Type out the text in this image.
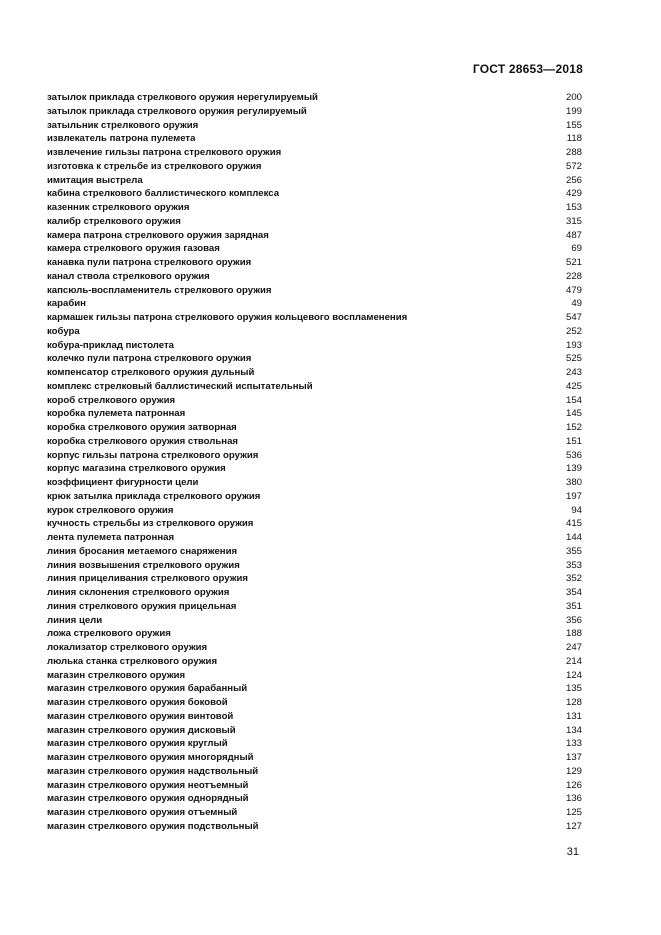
ГОСТ 28653—2018
затылок приклада стрелкового оружия нерегулируемый	200
затылок приклада стрелкового оружия регулируемый	199
затыльник стрелкового оружия	155
извлекатель патрона пулемета	118
извлечение гильзы патрона стрелкового оружия	288
изготовка к стрельбе из стрелкового оружия	572
имитация выстрела	256
кабина стрелкового баллистического комплекса	429
казенник стрелкового оружия	153
калибр стрелкового оружия	315
камера патрона стрелкового оружия зарядная	487
камера стрелкового оружия газовая	69
канавка пули патрона стрелкового оружия	521
канал ствола стрелкового оружия	228
капсюль-воспламенитель стрелкового оружия	479
карабин	49
кармашек гильзы патрона стрелкового оружия кольцевого воспламенения	547
кобура	252
кобура-приклад пистолета	193
колечко пули патрона стрелкового оружия	525
компенсатор стрелкового оружия дульный	243
комплекс стрелковый баллистический испытательный	425
короб стрелкового оружия	154
коробка пулемета патронная	145
коробка стрелкового оружия затворная	152
коробка стрелкового оружия ствольная	151
корпус гильзы патрона стрелкового оружия	536
корпус магазина стрелкового оружия	139
коэффициент фигурности цели	380
крюк затылка приклада стрелкового оружия	197
курок стрелкового оружия	94
кучность стрельбы из стрелкового оружия	415
лента пулемета патронная	144
линия бросания метаемого снаряжения	355
линия возвышения стрелкового оружия	353
линия прицеливания стрелкового оружия	352
линия склонения стрелкового оружия	354
линия стрелкового оружия прицельная	351
линия цели	356
ложа стрелкового оружия	188
локализатор стрелкового оружия	247
люлька станка стрелкового оружия	214
магазин стрелкового оружия	124
магазин стрелкового оружия барабанный	135
магазин стрелкового оружия боковой	128
магазин стрелкового оружия винтовой	131
магазин стрелкового оружия дисковый	134
магазин стрелкового оружия круглый	133
магазин стрелкового оружия многорядный	137
магазин стрелкового оружия надствольный	129
магазин стрелкового оружия неотъемный	126
магазин стрелкового оружия однорядный	136
магазин стрелкового оружия отъемный	125
магазин стрелкового оружия подствольный	127
31
